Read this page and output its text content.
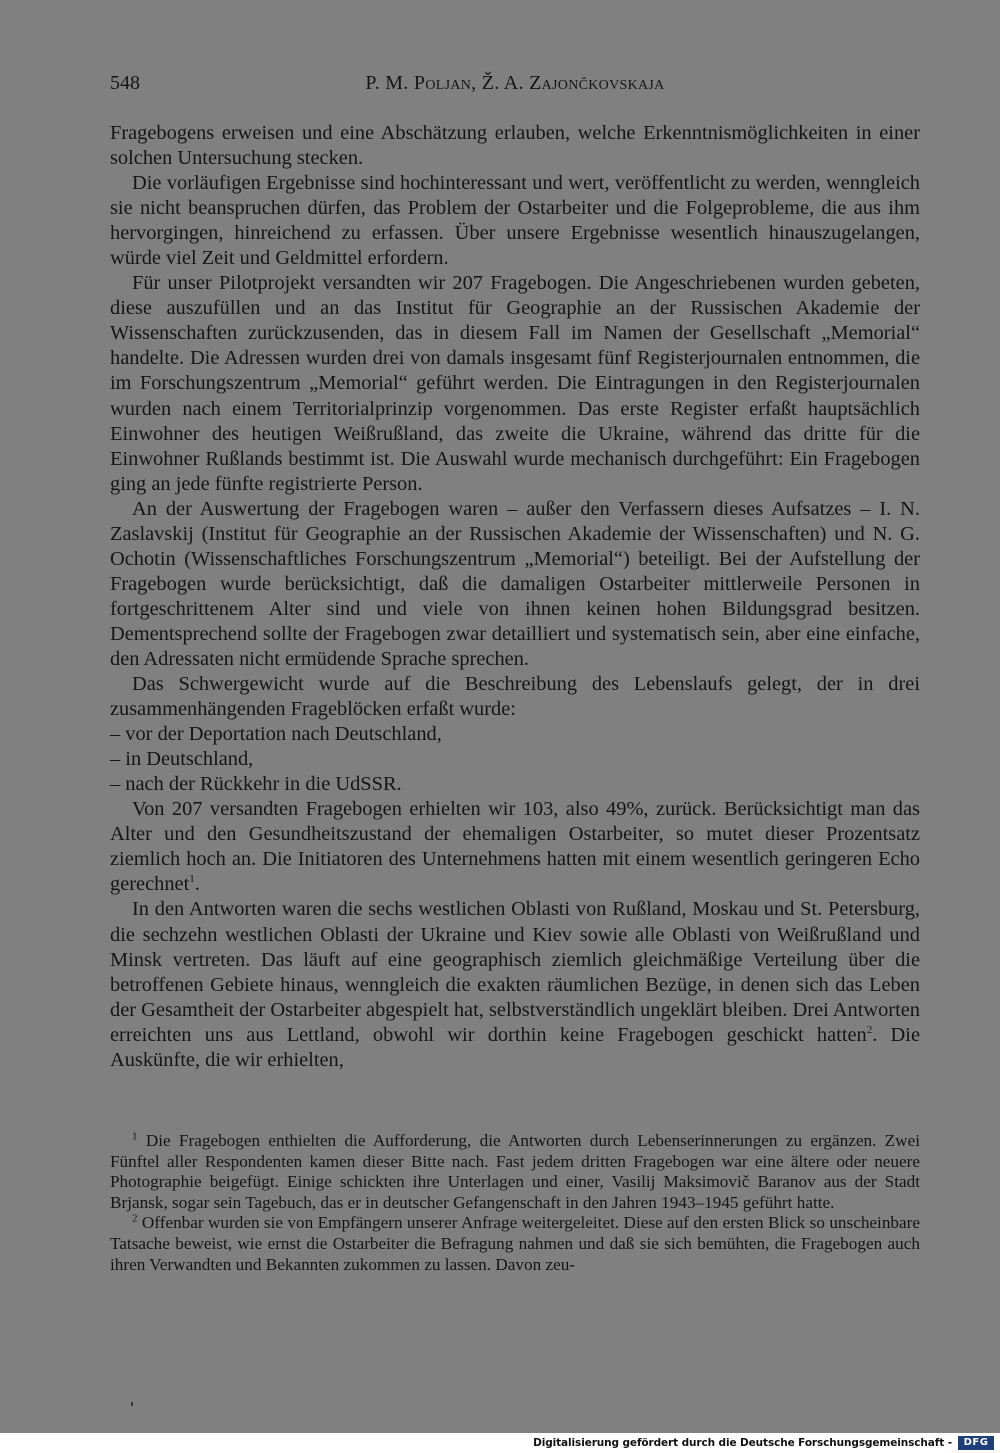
548	P. M. Poljan, Ž. A. Zajončkovskaja

Fragebogens erweisen und eine Abschätzung erlauben, welche Erkenntnismöglichkeiten in einer solchen Untersuchung stecken.

Die vorläufigen Ergebnisse sind hochinteressant und wert, veröffentlicht zu werden, wenngleich sie nicht beanspruchen dürfen, das Problem der Ostarbeiter und die Folgeprobleme, die aus ihm hervorgingen, hinreichend zu erfassen. Über unsere Ergebnisse wesentlich hinauszugelangen, würde viel Zeit und Geldmittel erfordern.

Für unser Pilotprojekt versandten wir 207 Fragebogen. Die Angeschriebenen wurden gebeten, diese auszufüllen und an das Institut für Geographie an der Russischen Akademie der Wissenschaften zurückzusenden, das in diesem Fall im Namen der Gesellschaft „Memorial“ handelte. Die Adressen wurden drei von damals insgesamt fünf Registerjournalen entnommen, die im Forschungszentrum „Memorial“ geführt werden. Die Eintragungen in den Registerjournalen wurden nach einem Territorialprinzip vorgenommen. Das erste Register erfaßt hauptsächlich Einwohner des heutigen Weißrußland, das zweite die Ukraine, während das dritte für die Einwohner Rußlands bestimmt ist. Die Auswahl wurde mechanisch durchgeführt: Ein Fragebogen ging an jede fünfte registrierte Person.

An der Auswertung der Fragebogen waren – außer den Verfassern dieses Aufsatzes – I. N. Zaslavskij (Institut für Geographie an der Russischen Akademie der Wissenschaften) und N. G. Ochotin (Wissenschaftliches Forschungszentrum „Memorial“) beteiligt. Bei der Aufstellung der Fragebogen wurde berücksichtigt, daß die damaligen Ostarbeiter mittlerweile Personen in fortgeschrittenem Alter sind und viele von ihnen keinen hohen Bildungsgrad besitzen. Dementsprechend sollte der Fragebogen zwar detailliert und systematisch sein, aber eine einfache, den Adressaten nicht ermüdende Sprache sprechen.

Das Schwergewicht wurde auf die Beschreibung des Lebenslaufs gelegt, der in drei zusammenhängenden Frageblöcken erfaßt wurde:

– vor der Deportation nach Deutschland,

– in Deutschland,

– nach der Rückkehr in die UdSSR.

Von 207 versandten Fragebogen erhielten wir 103, also 49%, zurück. Berücksichtigt man das Alter und den Gesundheitszustand der ehemaligen Ostarbeiter, so mutet dieser Prozentsatz ziemlich hoch an. Die Initiatoren des Unternehmens hatten mit einem wesentlich geringeren Echo gerechnet$^1$.

In den Antworten waren die sechs westlichen Oblasti von Rußland, Moskau und St. Petersburg, die sechzehn westlichen Oblasti der Ukraine und Kiev sowie alle Oblasti von Weißrußland und Minsk vertreten. Das läuft auf eine geographisch ziemlich gleichmäßige Verteilung über die betroffenen Gebiete hinaus, wenngleich die exakten räumlichen Bezüge, in denen sich das Leben der Gesamtheit der Ostarbeiter abgespielt hat, selbstverständlich ungeklärt bleiben. Drei Antworten erreichten uns aus Lettland, obwohl wir dorthin keine Fragebogen geschickt hatten$^2$. Die Auskünfte, die wir erhielten,

$^1$ Die Fragebogen enthielten die Aufforderung, die Antworten durch Lebenserinnerungen zu ergänzen. Zwei Fünftel aller Respondenten kamen dieser Bitte nach. Fast jedem dritten Fragebogen war eine ältere oder neuere Photographie beigefügt. Einige schickten ihre Unterlagen und einer, Vasilij Maksimovič Baranov aus der Stadt Brjansk, sogar sein Tagebuch, das er in deutscher Gefangenschaft in den Jahren 1943–1945 geführt hatte.

$^2$ Offenbar wurden sie von Empfängern unserer Anfrage weitergeleitet. Diese auf den ersten Blick so unscheinbare Tatsache beweist, wie ernst die Ostarbeiter die Befragung nahmen und daß sie sich bemühten, die Fragebogen auch ihren Verwandten und Bekannten zukommen zu lassen. Davon zeu-

Digitalisierung gefördert durch die Deutsche Forschungsgemeinschaft -	DFG
